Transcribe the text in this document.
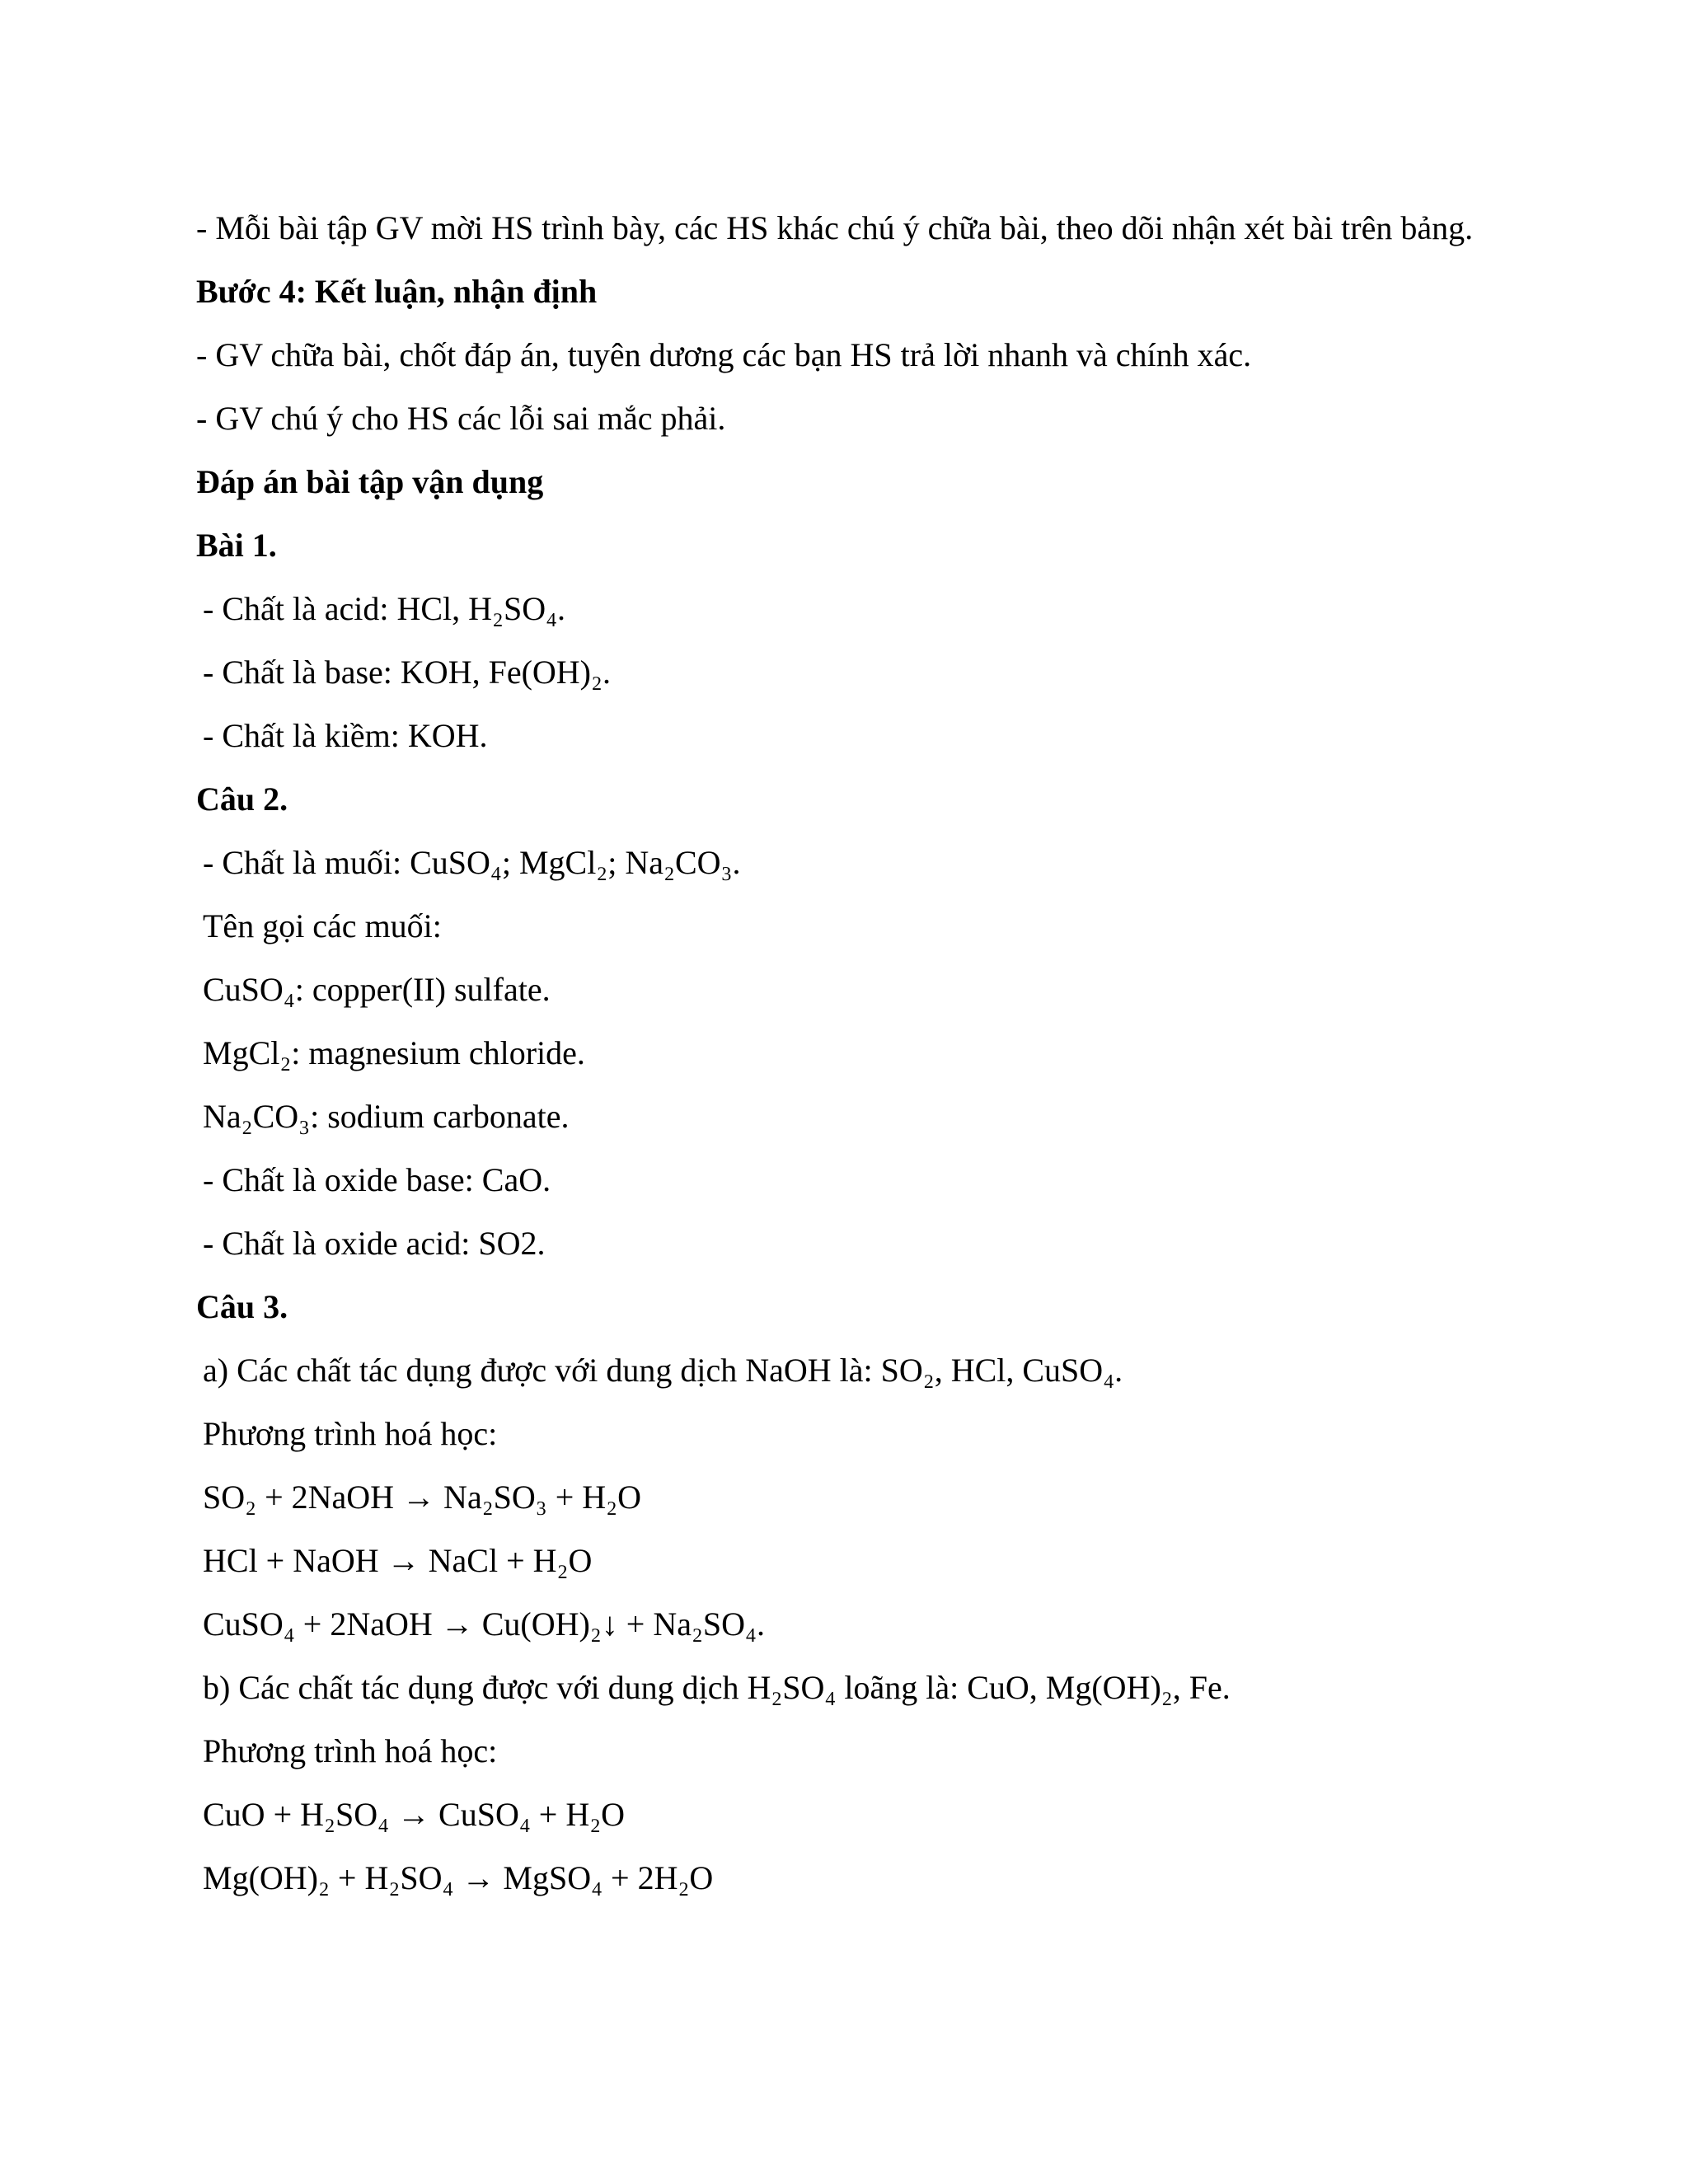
- Mỗi bài tập GV mời HS trình bày, các HS khác chú ý chữa bài, theo dõi nhận xét bài trên bảng.
Bước 4: Kết luận, nhận định
- GV chữa bài, chốt đáp án, tuyên dương các bạn HS trả lời nhanh và chính xác.
- GV chú ý cho HS các lỗi sai mắc phải.
Đáp án bài tập vận dụng
Bài 1.
- Chất là acid: HCl, H₂SO₄.
- Chất là base: KOH, Fe(OH)₂.
- Chất là kiềm: KOH.
Câu 2.
- Chất là muối: CuSO₄; MgCl₂; Na₂CO₃.
Tên gọi các muối:
CuSO₄: copper(II) sulfate.
MgCl₂: magnesium chloride.
Na₂CO₃: sodium carbonate.
- Chất là oxide base: CaO.
- Chất là oxide acid: SO2.
Câu 3.
a) Các chất tác dụng được với dung dịch NaOH là: SO₂, HCl, CuSO₄.
Phương trình hoá học:
SO₂ + 2NaOH → Na₂SO₃ + H₂O
HCl + NaOH → NaCl + H₂O
CuSO₄ + 2NaOH → Cu(OH)₂↓ + Na₂SO₄.
b) Các chất tác dụng được với dung dịch H₂SO₄ loãng là: CuO, Mg(OH)₂, Fe.
Phương trình hoá học:
CuO + H₂SO₄ → CuSO₄ + H₂O
Mg(OH)₂ + H₂SO₄ → MgSO₄ + 2H₂O
